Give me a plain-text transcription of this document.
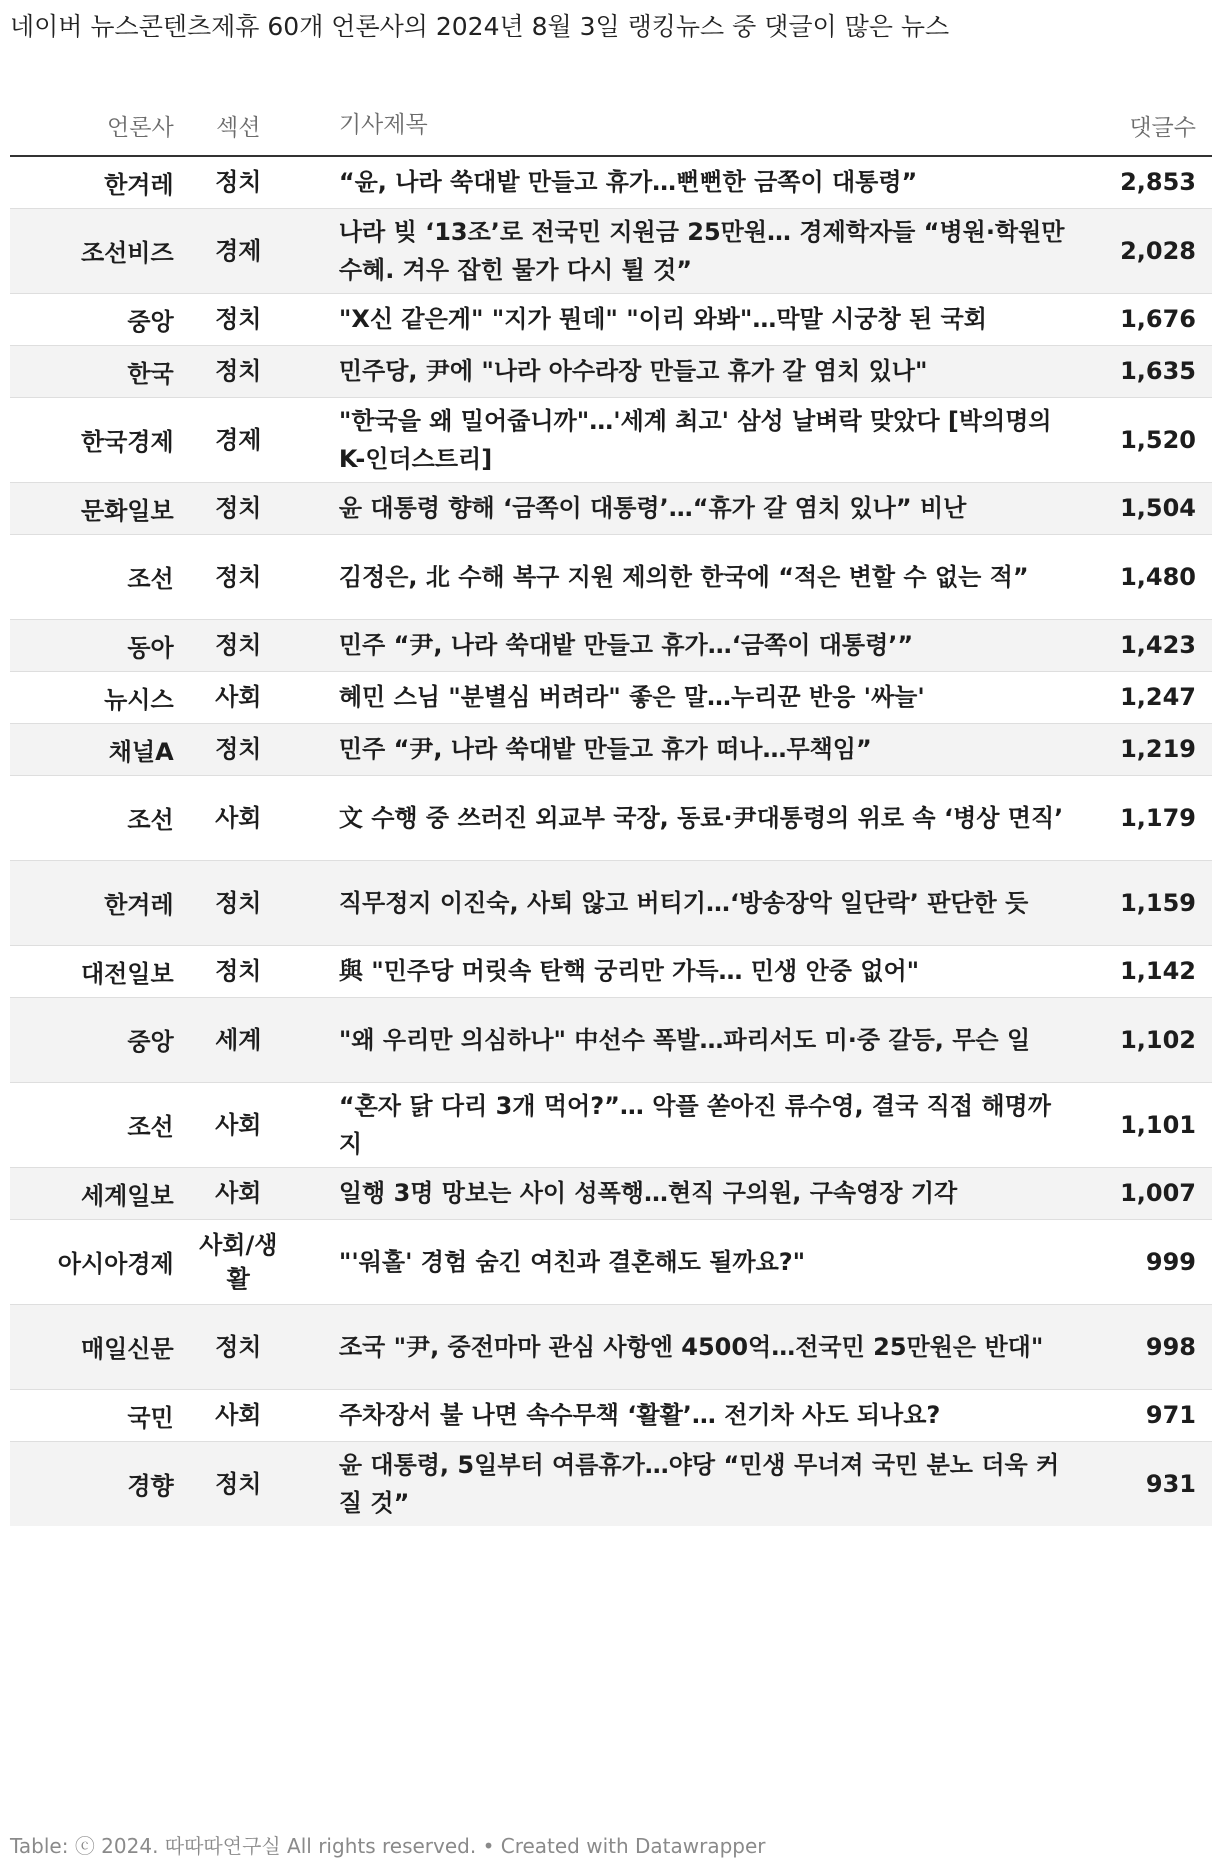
네이버 뉴스콘텐츠제휴 60개 언론사의 2024년 8월 3일 랭킹뉴스 중 댓글이 많은 뉴스
언론사	섹션	기사제목	댓글수
한겨레	정치	“윤, 나라 쑥대밭 만들고 휴가…뻔뻔한 금쪽이 대통령”	2,853
조선비즈	경제	나라 빚 ‘13조’로 전국민 지원금 25만원… 경제학자들 “병원·학원만 수혜. 겨우 잡힌 물가 다시 튈 것”	2,028
중앙	정치	"X신 같은게" "지가 뭔데" "이리 와봐"…막말 시궁창 된 국회	1,676
한국	정치	민주당, 尹에 "나라 아수라장 만들고 휴가 갈 염치 있나"	1,635
한국경제	경제	"한국을 왜 밀어줍니까"…'세계 최고' 삼성 날벼락 맞았다 [박의명의 K-인더스트리]	1,520
문화일보	정치	윤 대통령 향해 ‘금쪽이 대통령’…“휴가 갈 염치 있나” 비난	1,504
조선	정치	김정은, 北 수해 복구 지원 제의한 한국에 “적은 변할 수 없는 적”	1,480
동아	정치	민주 “尹, 나라 쑥대밭 만들고 휴가…‘금쪽이 대통령’”	1,423
뉴시스	사회	혜민 스님 "분별심 버려라" 좋은 말…누리꾼 반응 '싸늘'	1,247
채널A	정치	민주 “尹, 나라 쑥대밭 만들고 휴가 떠나…무책임”	1,219
조선	사회	文 수행 중 쓰러진 외교부 국장, 동료·尹대통령의 위로 속 ‘병상 면직’	1,179
한겨레	정치	직무정지 이진숙, 사퇴 않고 버티기…‘방송장악 일단락’ 판단한 듯	1,159
대전일보	정치	與 "민주당 머릿속 탄핵 궁리만 가득… 민생 안중 없어"	1,142
중앙	세계	"왜 우리만 의심하나" 中선수 폭발…파리서도 미·중 갈등, 무슨 일	1,102
조선	사회	“혼자 닭 다리 3개 먹어?”… 악플 쏟아진 류수영, 결국 직접 해명까지	1,101
세계일보	사회	일행 3명 망보는 사이 성폭행…현직 구의원, 구속영장 기각	1,007
아시아경제	사회/생활	"'워홀' 경험 숨긴 여친과 결혼해도 될까요?"	999
매일신문	정치	조국 "尹, 중전마마 관심 사항엔 4500억…전국민 25만원은 반대"	998
국민	사회	주차장서 불 나면 속수무책 ‘활활’… 전기차 사도 되나요?	971
경향	정치	윤 대통령, 5일부터 여름휴가…야당 “민생 무너져 국민 분노 더욱 커질 것”	931
Table: ⓒ 2024. 따따따연구실 All rights reserved. • Created with Datawrapper
